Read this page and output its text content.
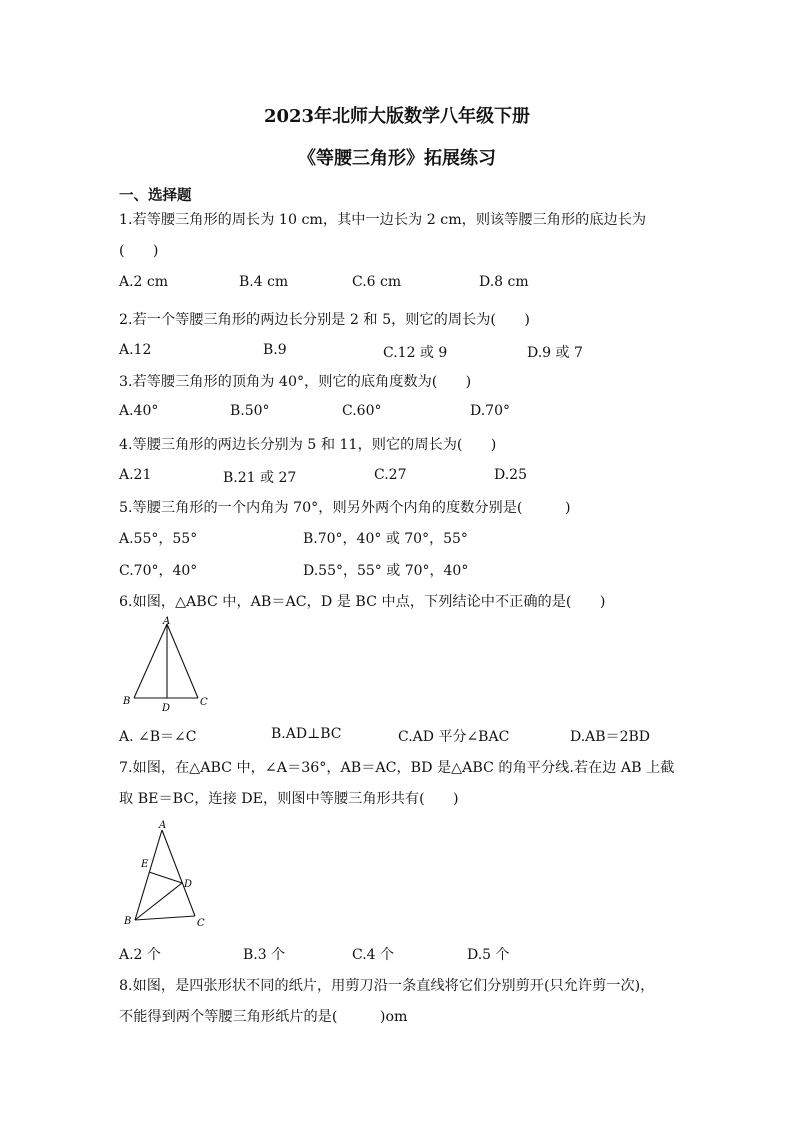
2023年北师大版数学八年级下册
《等腰三角形》拓展练习
一、选择题
1.若等腰三角形的周长为 10 cm，其中一边长为 2 cm，则该等腰三角形的底边长为
(　　)
A.2 cm	B.4 cm	C.6 cm	D.8 cm
2.若一个等腰三角形的两边长分别是 2 和 5，则它的周长为(　　)
A.12	B.9	C.12 或 9	D.9 或 7
3.若等腰三角形的顶角为 40°，则它的底角度数为(　　)
A.40°	B.50°	C.60°	D.70°
4.等腰三角形的两边长分别为 5 和 11，则它的周长为(　　)
A.21	B.21 或 27	C.27	D.25
5.等腰三角形的一个内角为 70°，则另外两个内角的度数分别是(　　　)
A.55°，55°	B.70°，40° 或 70°，55°
C.70°，40°	D.55°，55° 或 70°，40°
6.如图，△ABC 中，AB＝AC，D 是 BC 中点，下列结论中不正确的是(　　)
A
B
D
C
A. ∠B＝∠C	B.AD⊥BC	C.AD 平分∠BAC	D.AB＝2BD
7.如图，在△ABC 中，∠A＝36°，AB＝AC，BD 是△ABC 的角平分线.若在边 AB 上截
取 BE＝BC，连接 DE，则图中等腰三角形共有(　　)
A
E
D
B	C
A.2 个	B.3 个	C.4 个	D.5 个
8.如图，是四张形状不同的纸片，用剪刀沿一条直线将它们分别剪开(只允许剪一次)，
不能得到两个等腰三角形纸片的是(　　　)om
